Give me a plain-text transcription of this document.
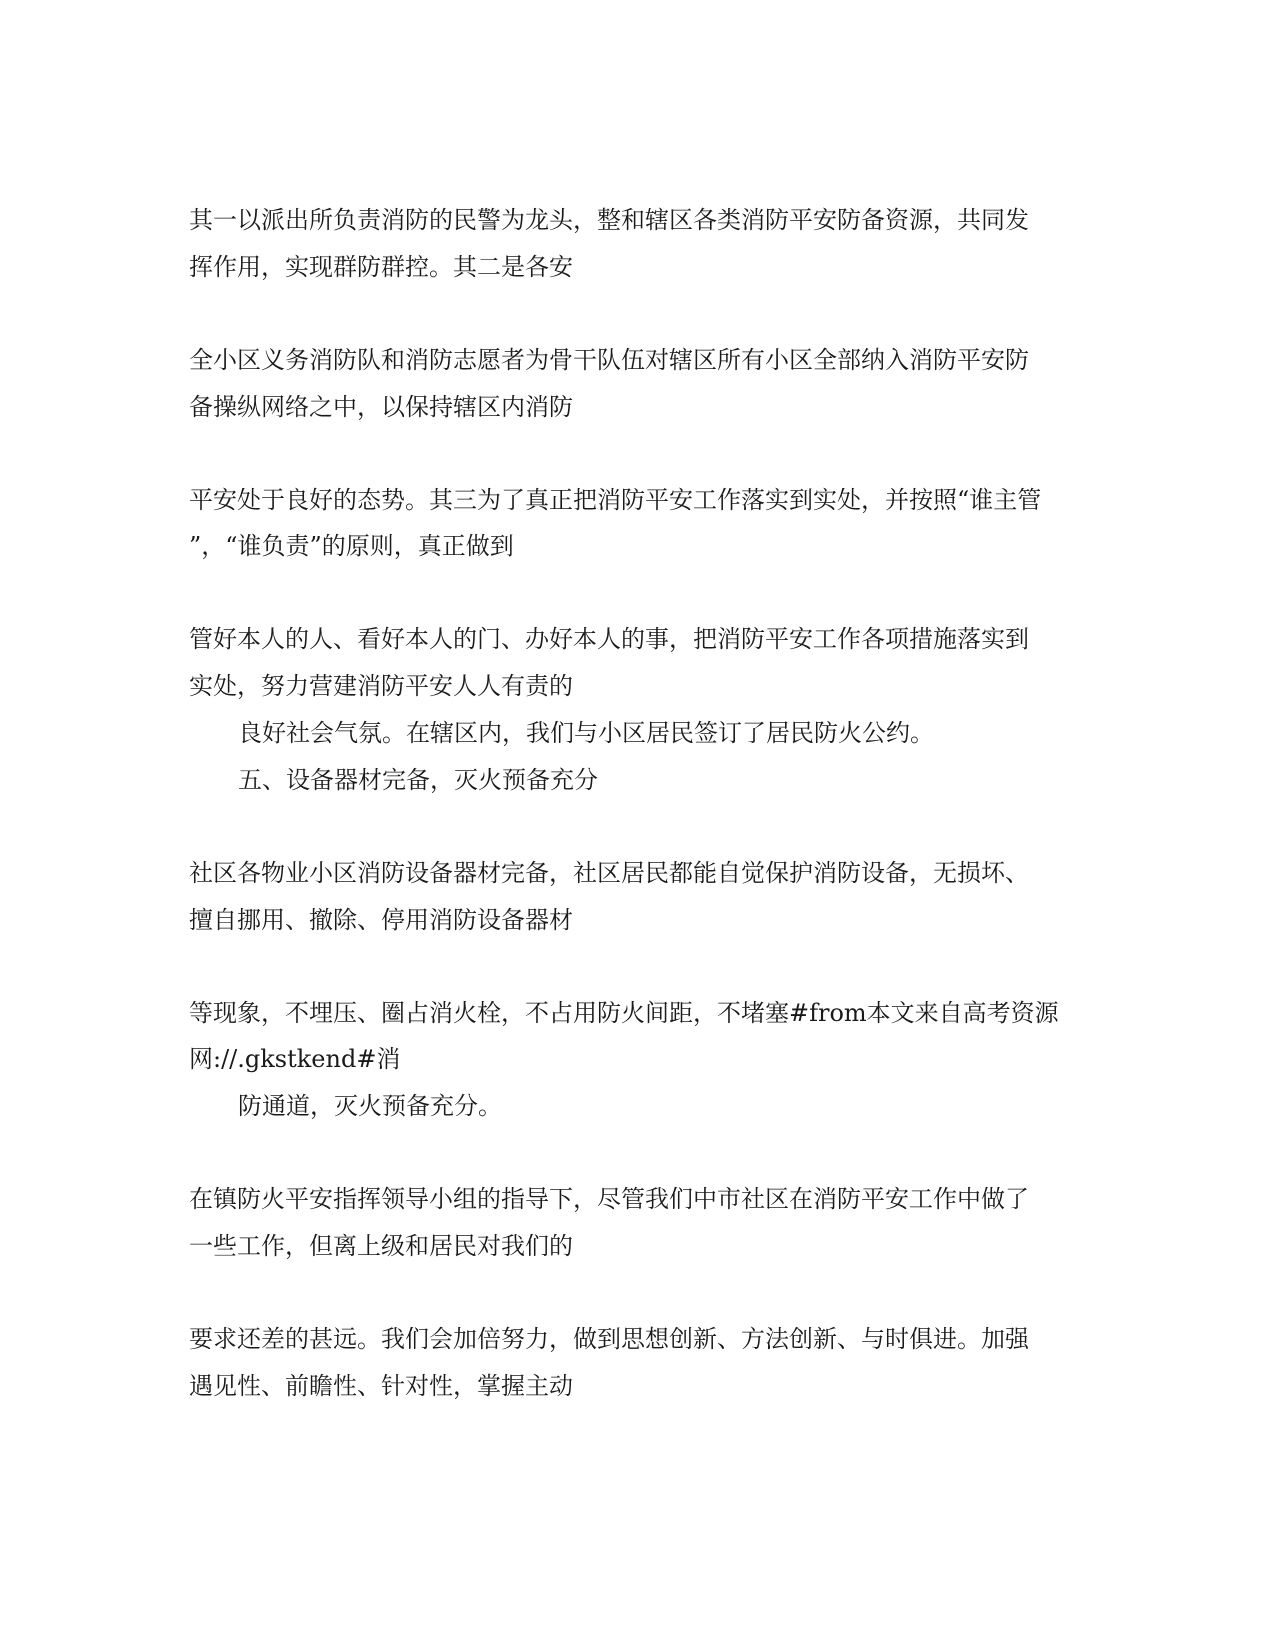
其一以派出所负责消防的民警为龙头，整和辖区各类消防平安防备资源，共同发
挥作用，实现群防群控。其二是各安
全小区义务消防队和消防志愿者为骨干队伍对辖区所有小区全部纳入消防平安防
备操纵网络之中，以保持辖区内消防
平安处于良好的态势。其三为了真正把消防平安工作落实到实处，并按照“谁主管
”，“谁负责”的原则，真正做到
管好本人的人、看好本人的门、办好本人的事，把消防平安工作各项措施落实到
实处，努力营建消防平安人人有责的
良好社会气氛。在辖区内，我们与小区居民签订了居民防火公约。
五、设备器材完备，灭火预备充分
社区各物业小区消防设备器材完备，社区居民都能自觉保护消防设备，无损坏、
擅自挪用、撤除、停用消防设备器材
等现象，不埋压、圈占消火栓，不占用防火间距，不堵塞#from本文来自高考资源
网://.gkstkend#消
防通道，灭火预备充分。
在镇防火平安指挥领导小组的指导下，尽管我们中市社区在消防平安工作中做了
一些工作，但离上级和居民对我们的
要求还差的甚远。我们会加倍努力，做到思想创新、方法创新、与时俱进。加强
遇见性、前瞻性、针对性，掌握主动
